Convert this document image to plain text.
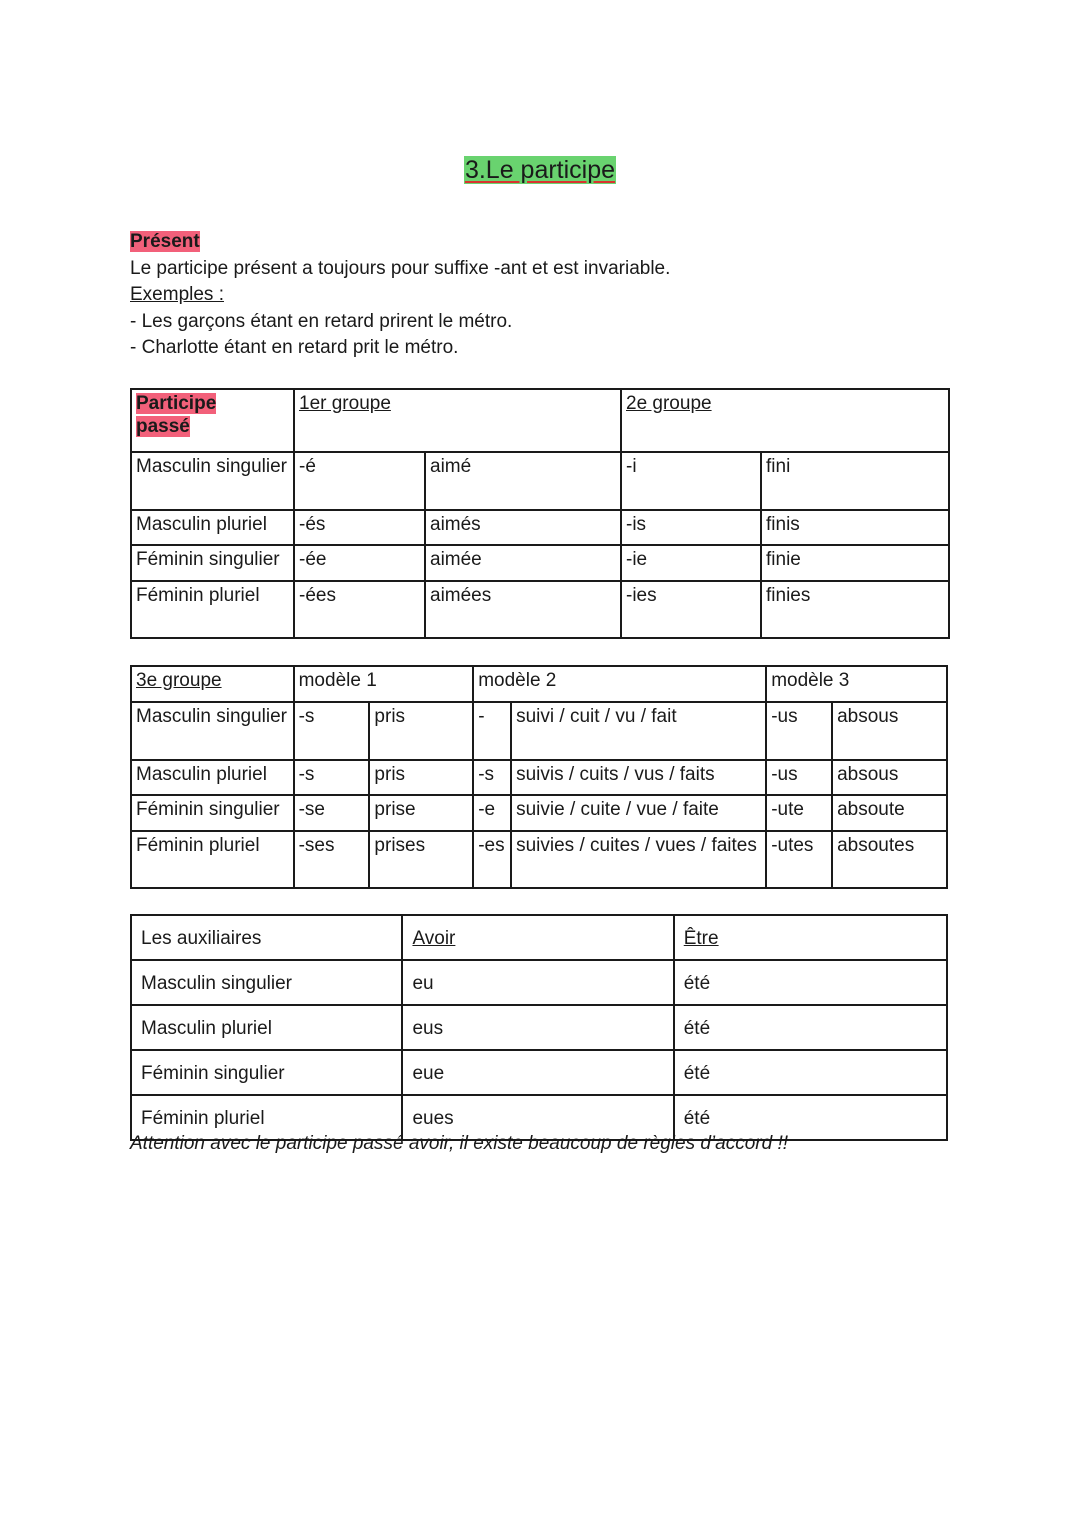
3.Le participe
Présent
Le participe présent a toujours pour suffixe -ant et est invariable.
Exemples :
- Les garçons étant en retard prirent le métro.
- Charlotte étant en retard prit le métro.
Participe
passé	1er groupe		2e groupe	
Masculin singulier	-é	aimé	-i	fini
Masculin pluriel	-és	aimés	-is	finis
Féminin singulier	-ée	aimée	-ie	finie
Féminin pluriel	-ées	aimées	-ies	finies
3e groupe	modèle 1		modèle 2		modèle 3	
Masculin singulier	-s	pris	-	suivi / cuit / vu / fait	-us	absous
Masculin pluriel	-s	pris	-s	suivis / cuits / vus / faits	-us	absous
Féminin singulier	-se	prise	-e	suivie / cuite / vue / faite	-ute	absoute
Féminin pluriel	-ses	prises	-es	suivies / cuites / vues / faites	-utes	absoutes
Les auxiliaires	Avoir	Être
Masculin singulier	eu	été
Masculin pluriel	eus	été
Féminin singulier	eue	été
Féminin pluriel	eues	été
Attention avec le participe passé avoir, il existe beaucoup de règles d’accord !!
